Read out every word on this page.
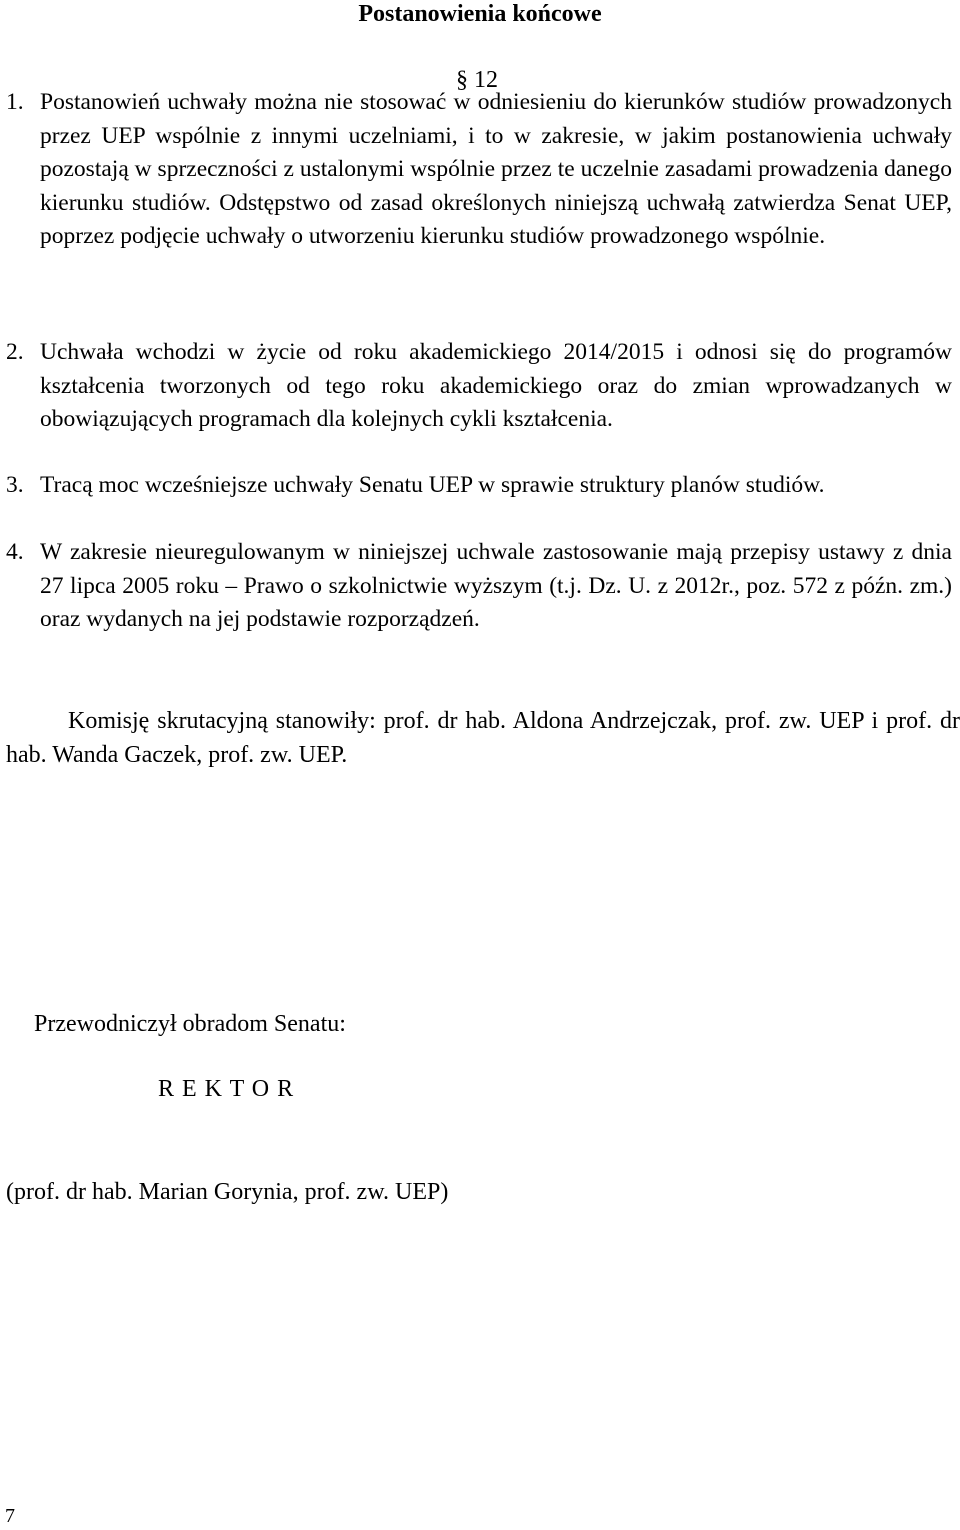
Postanowienia końcowe
§ 12
1. Postanowień uchwały można nie stosować w odniesieniu do kierunków studiów prowadzonych przez UEP wspólnie z innymi uczelniami, i to w zakresie, w jakim postanowienia uchwały pozostają w sprzeczności z ustalonymi wspólnie przez te uczelnie zasadami prowadzenia danego kierunku studiów. Odstępstwo od zasad określonych niniejszą uchwałą zatwierdza Senat UEP, poprzez podjęcie uchwały o utworzeniu kierunku studiów prowadzonego wspólnie.
2. Uchwała wchodzi w życie od roku akademickiego 2014/2015 i odnosi się do programów kształcenia tworzonych od tego roku akademickiego oraz do zmian wprowadzanych w obowiązujących programach dla kolejnych cykli kształcenia.
3. Tracą moc wcześniejsze uchwały Senatu UEP w sprawie struktury planów studiów.
4. W zakresie nieuregulowanym w niniejszej uchwale zastosowanie mają przepisy ustawy z dnia 27 lipca 2005 roku – Prawo o szkolnictwie wyższym (t.j. Dz. U. z 2012r., poz. 572 z późn. zm.) oraz wydanych na jej podstawie rozporządzeń.
Komisję skrutacyjną stanowiły: prof. dr hab. Aldona Andrzejczak, prof. zw. UEP i prof. dr hab. Wanda Gaczek, prof. zw. UEP.
Przewodniczył obradom Senatu:
R E K T O R
(prof. dr hab. Marian Gorynia, prof. zw. UEP)
7
